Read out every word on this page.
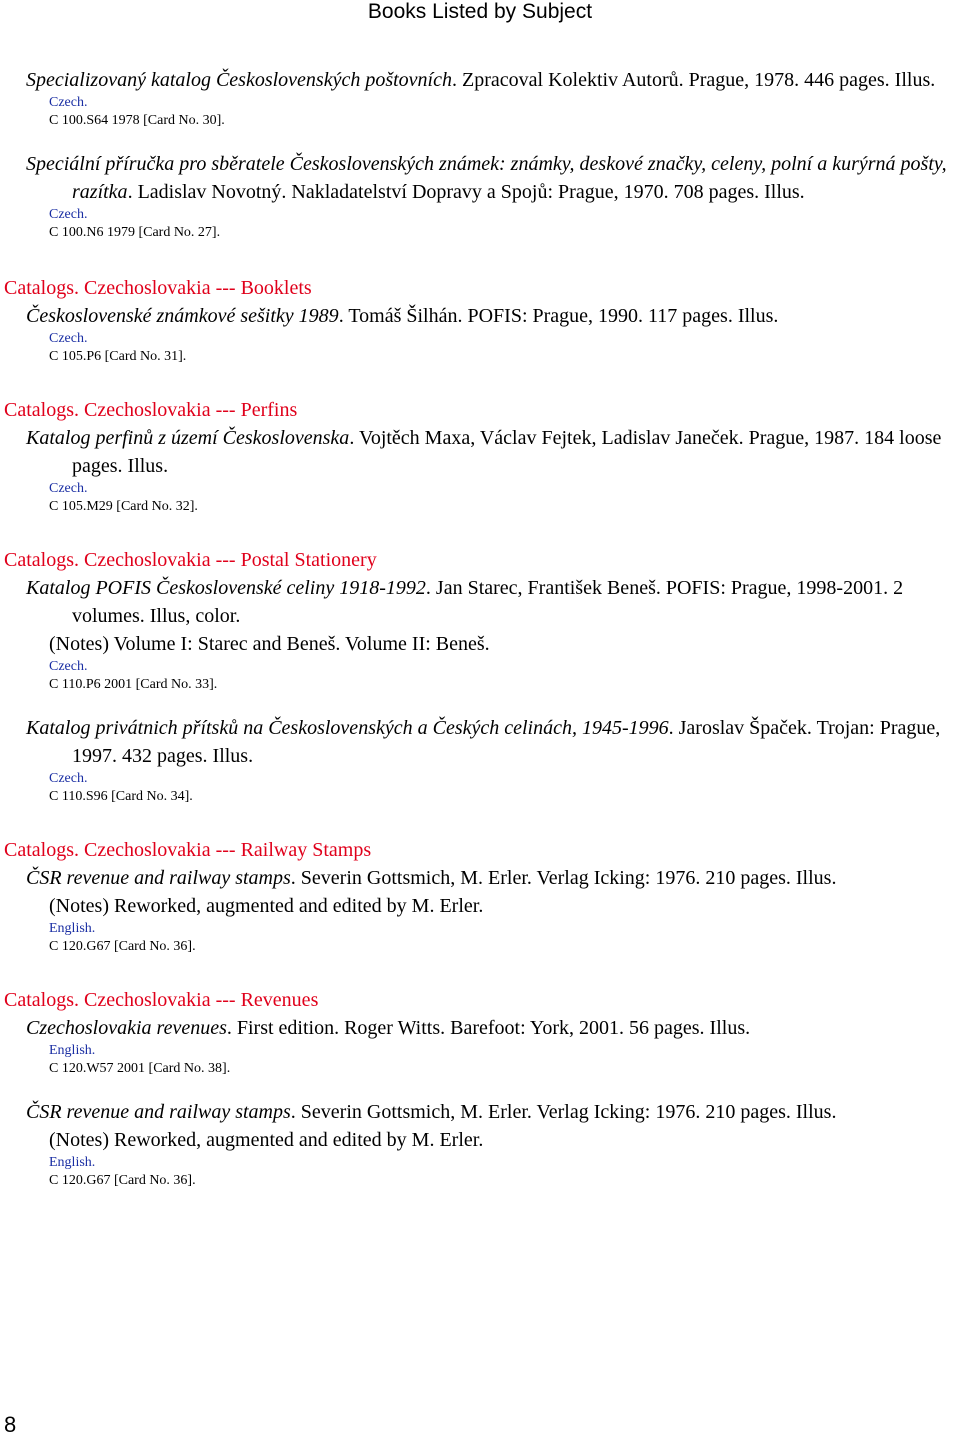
Books Listed by Subject
Specializovaný katalog Československých poštovních. Zpracoval Kolektiv Autorů. Prague, 1978. 446 pages. Illus.
Czech.
C 100.S64 1978 [Card No. 30].
Speciální příručka pro sběratele Československých známek: známky, deskové značky, celeny, polní a kurýrná pošty, razítka. Ladislav Novotný. Nakladatelství Dopravy a Spojů: Prague, 1970. 708 pages. Illus.
Czech.
C 100.N6 1979 [Card No. 27].
Catalogs. Czechoslovakia --- Booklets
Československé známkové sešitky 1989. Tomáš Šilhán. POFIS: Prague, 1990. 117 pages. Illus.
Czech.
C 105.P6 [Card No. 31].
Catalogs. Czechoslovakia --- Perfins
Katalog perfinů z území Československa. Vojtěch Maxa, Václav Fejtek, Ladislav Janeček. Prague, 1987. 184 loose pages. Illus.
Czech.
C 105.M29 [Card No. 32].
Catalogs. Czechoslovakia --- Postal Stationery
Katalog POFIS Československé celiny 1918-1992. Jan Starec, František Beneš. POFIS: Prague, 1998-2001. 2 volumes. Illus, color.
(Notes) Volume I: Starec and Beneš. Volume II: Beneš.
Czech.
C 110.P6 2001 [Card No. 33].
Katalog privátnich přítsků na Československých a Českých celinách, 1945-1996. Jaroslav Špaček. Trojan: Prague, 1997. 432 pages. Illus.
Czech.
C 110.S96 [Card No. 34].
Catalogs. Czechoslovakia --- Railway Stamps
ČSR revenue and railway stamps. Severin Gottsmich, M. Erler. Verlag Icking: 1976. 210 pages. Illus.
(Notes) Reworked, augmented and edited by M. Erler.
English.
C 120.G67 [Card No. 36].
Catalogs. Czechoslovakia --- Revenues
Czechoslovakia revenues. First edition. Roger Witts. Barefoot: York, 2001. 56 pages. Illus.
English.
C 120.W57 2001 [Card No. 38].
ČSR revenue and railway stamps. Severin Gottsmich, M. Erler. Verlag Icking: 1976. 210 pages. Illus.
(Notes) Reworked, augmented and edited by M. Erler.
English.
C 120.G67 [Card No. 36].
8
